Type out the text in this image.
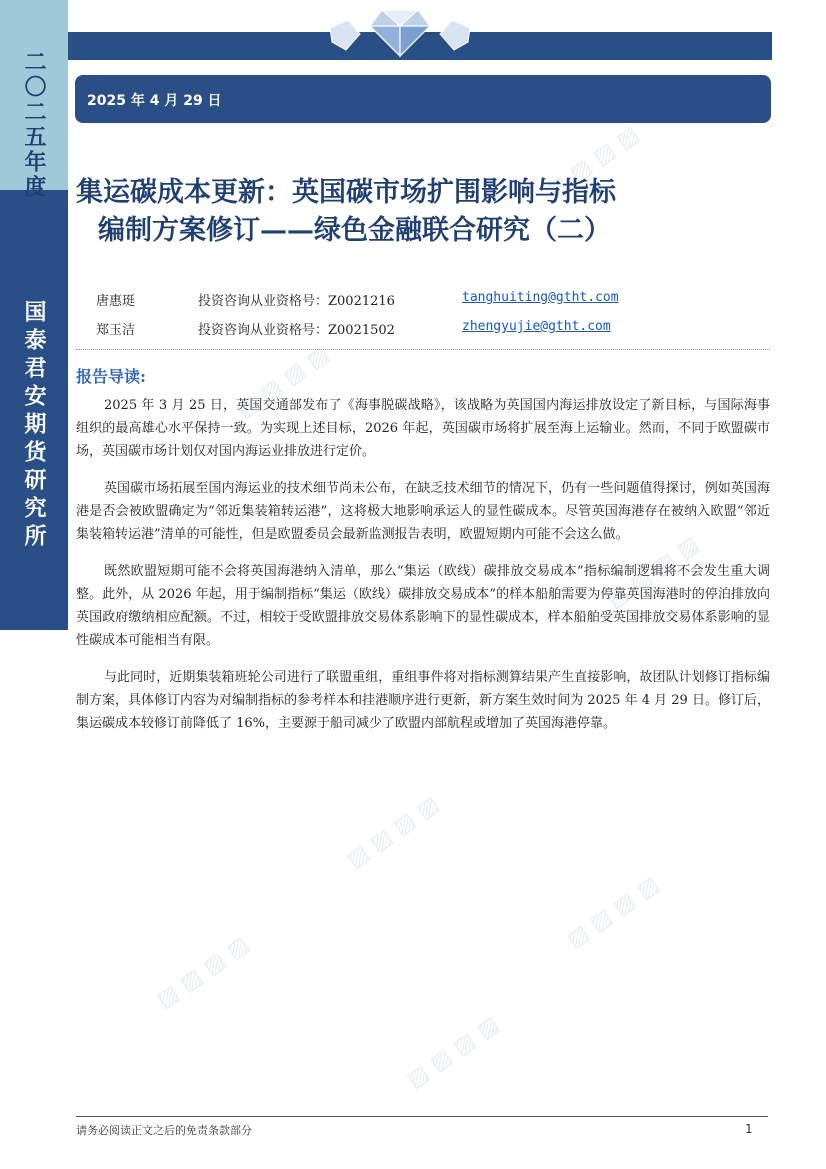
▨ ▨ ▨ ▨
▨ ▨ ▨ ▨
▨ ▨ ▨ ▨
▨ ▨ ▨ ▨
▨ ▨ ▨ ▨
▨ ▨ ▨ ▨
▨ ▨ ▨ ▨
二〇二五年度
国泰君安期货研究所
2025 年 4 月 29 日
集运碳成本更新：英国碳市场扩围影响与指标
编制方案修订——绿色金融联合研究（二）
唐惠珽	投资咨询从业资格号：Z0021216	tanghuiting@gtht.com
郑玉洁	投资咨询从业资格号：Z0021502	zhengyujie@gtht.com
报告导读:

2025 年 3 月 25 日，英国交通部发布了《海事脱碳战略》，该战略为英国国内海运排放设定了新目标，与国际海事组织的最高雄心水平保持一致。为实现上述目标，2026 年起，英国碳市场将扩展至海上运输业。然而，不同于欧盟碳市场，英国碳市场计划仅对国内海运业排放进行定价。

英国碳市场拓展至国内海运业的技术细节尚未公布，在缺乏技术细节的情况下，仍有一些问题值得探讨，例如英国海港是否会被欧盟确定为“邻近集装箱转运港”，这将极大地影响承运人的显性碳成本。尽管英国海港存在被纳入欧盟“邻近集装箱转运港”清单的可能性，但是欧盟委员会最新监测报告表明，欧盟短期内可能不会这么做。

既然欧盟短期可能不会将英国海港纳入清单，那么“集运（欧线）碳排放交易成本”指标编制逻辑将不会发生重大调整。此外，从 2026 年起，用于编制指标“集运（欧线）碳排放交易成本”的样本船舶需要为停靠英国海港时的停泊排放向英国政府缴纳相应配额。不过，相较于受欧盟排放交易体系影响下的显性碳成本，样本船舶受英国排放交易体系影响的显性碳成本可能相当有限。

与此同时，近期集装箱班轮公司进行了联盟重组，重组事件将对指标测算结果产生直接影响，故团队计划修订指标编制方案，具体修订内容为对编制指标的参考样本和挂港顺序进行更新，新方案生效时间为 2025 年 4 月 29 日。修订后，集运碳成本较修订前降低了 16%，主要源于船司减少了欧盟内部航程或增加了英国海港停靠。

请务必阅读正文之后的免责条款部分	1
